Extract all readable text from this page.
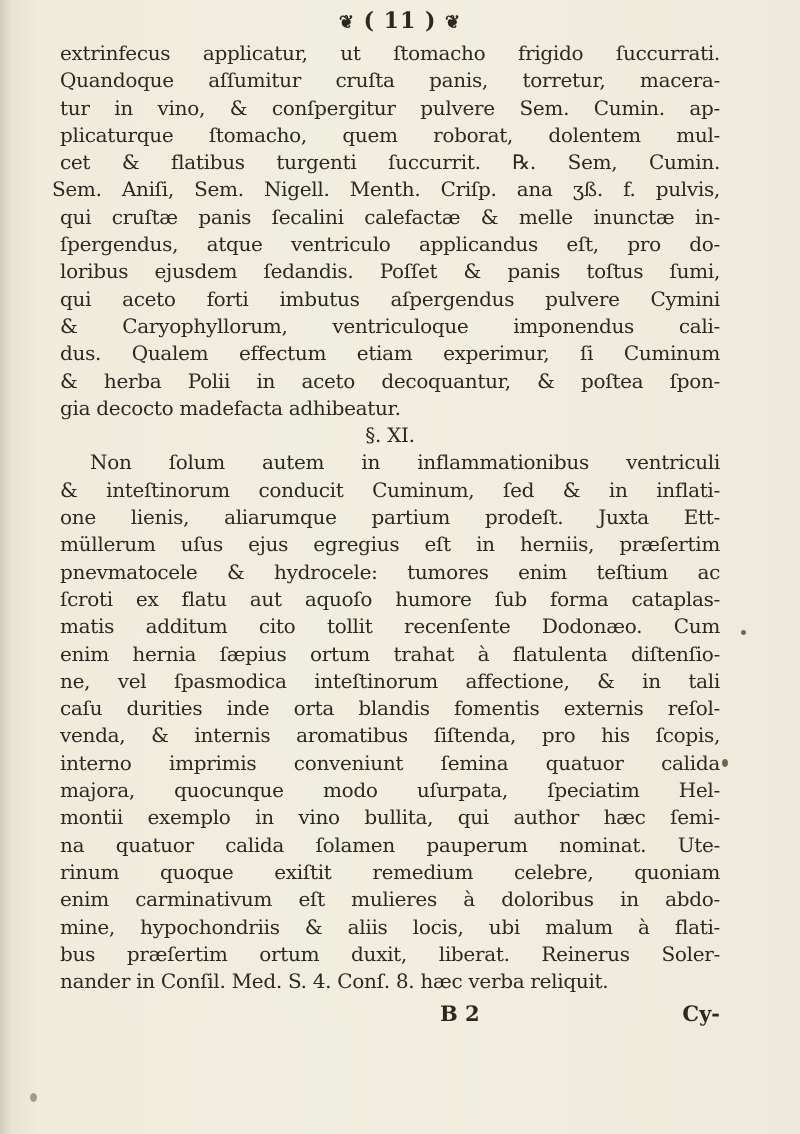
❦ ( 11 ) ❦
extrinfecus applicatur, ut ſtomacho frigido ſuccurrati.
Quandoque aſſumitur cruſta panis, torretur, macera-
tur in vino, & conſpergitur pulvere Sem. Cumin. ap-
plicaturque ſtomacho, quem roborat, dolentem mul-
cet & flatibus turgenti ſuccurrit. ℞. Sem, Cumin.
Sem. Aniſi, Sem. Nigell. Menth. Criſp. ana ʒß. f. pulvis,
qui cruſtæ panis ſecalini calefactæ & melle inunctæ in-
ſpergendus, atque ventriculo applicandus eſt, pro do-
loribus ejusdem ſedandis. Poſſet & panis toſtus ſumi,
qui aceto forti imbutus aſpergendus pulvere Cymini
& Caryophyllorum, ventriculoque imponendus cali-
dus. Qualem effectum etiam experimur, ſi Cuminum
& herba Polii in aceto decoquantur, & poſtea ſpon-
gia decocto madefacta adhibeatur.
§. XI.
Non ſolum autem in inflammationibus ventriculi
& inteſtinorum conducit Cuminum, ſed & in inflati-
one lienis, aliarumque partium prodeſt. Juxta Ett-
müllerum uſus ejus egregius eſt in herniis, præſertim
pnevmatocele & hydrocele: tumores enim teſtium ac
ſcroti ex flatu aut aquoſo humore ſub forma cataplas-
matis additum cito tollit recenſente Dodonæo. Cum
enim hernia ſæpius ortum trahat à flatulenta diſtenſio-
ne, vel ſpasmodica inteſtinorum affectione, & in tali
caſu durities inde orta blandis fomentis externis reſol-
venda, & internis aromatibus ſiſtenda, pro his ſcopis,
interno imprimis conveniunt ſemina quatuor calida
majora, quocunque modo uſurpata, ſpeciatim Hel-
montii exemplo in vino bullita, qui author hæc ſemi-
na quatuor calida ſolamen pauperum nominat. Ute-
rinum quoque exiſtit remedium celebre, quoniam
enim carminativum eſt mulieres à doloribus in abdo-
mine, hypochondriis & aliis locis, ubi malum à flati-
bus præſertim ortum duxit, liberat. Reinerus Soler-
nander in Conſil. Med. S. 4. Conſ. 8. hæc verba reliquit.
B 2	Cy-
